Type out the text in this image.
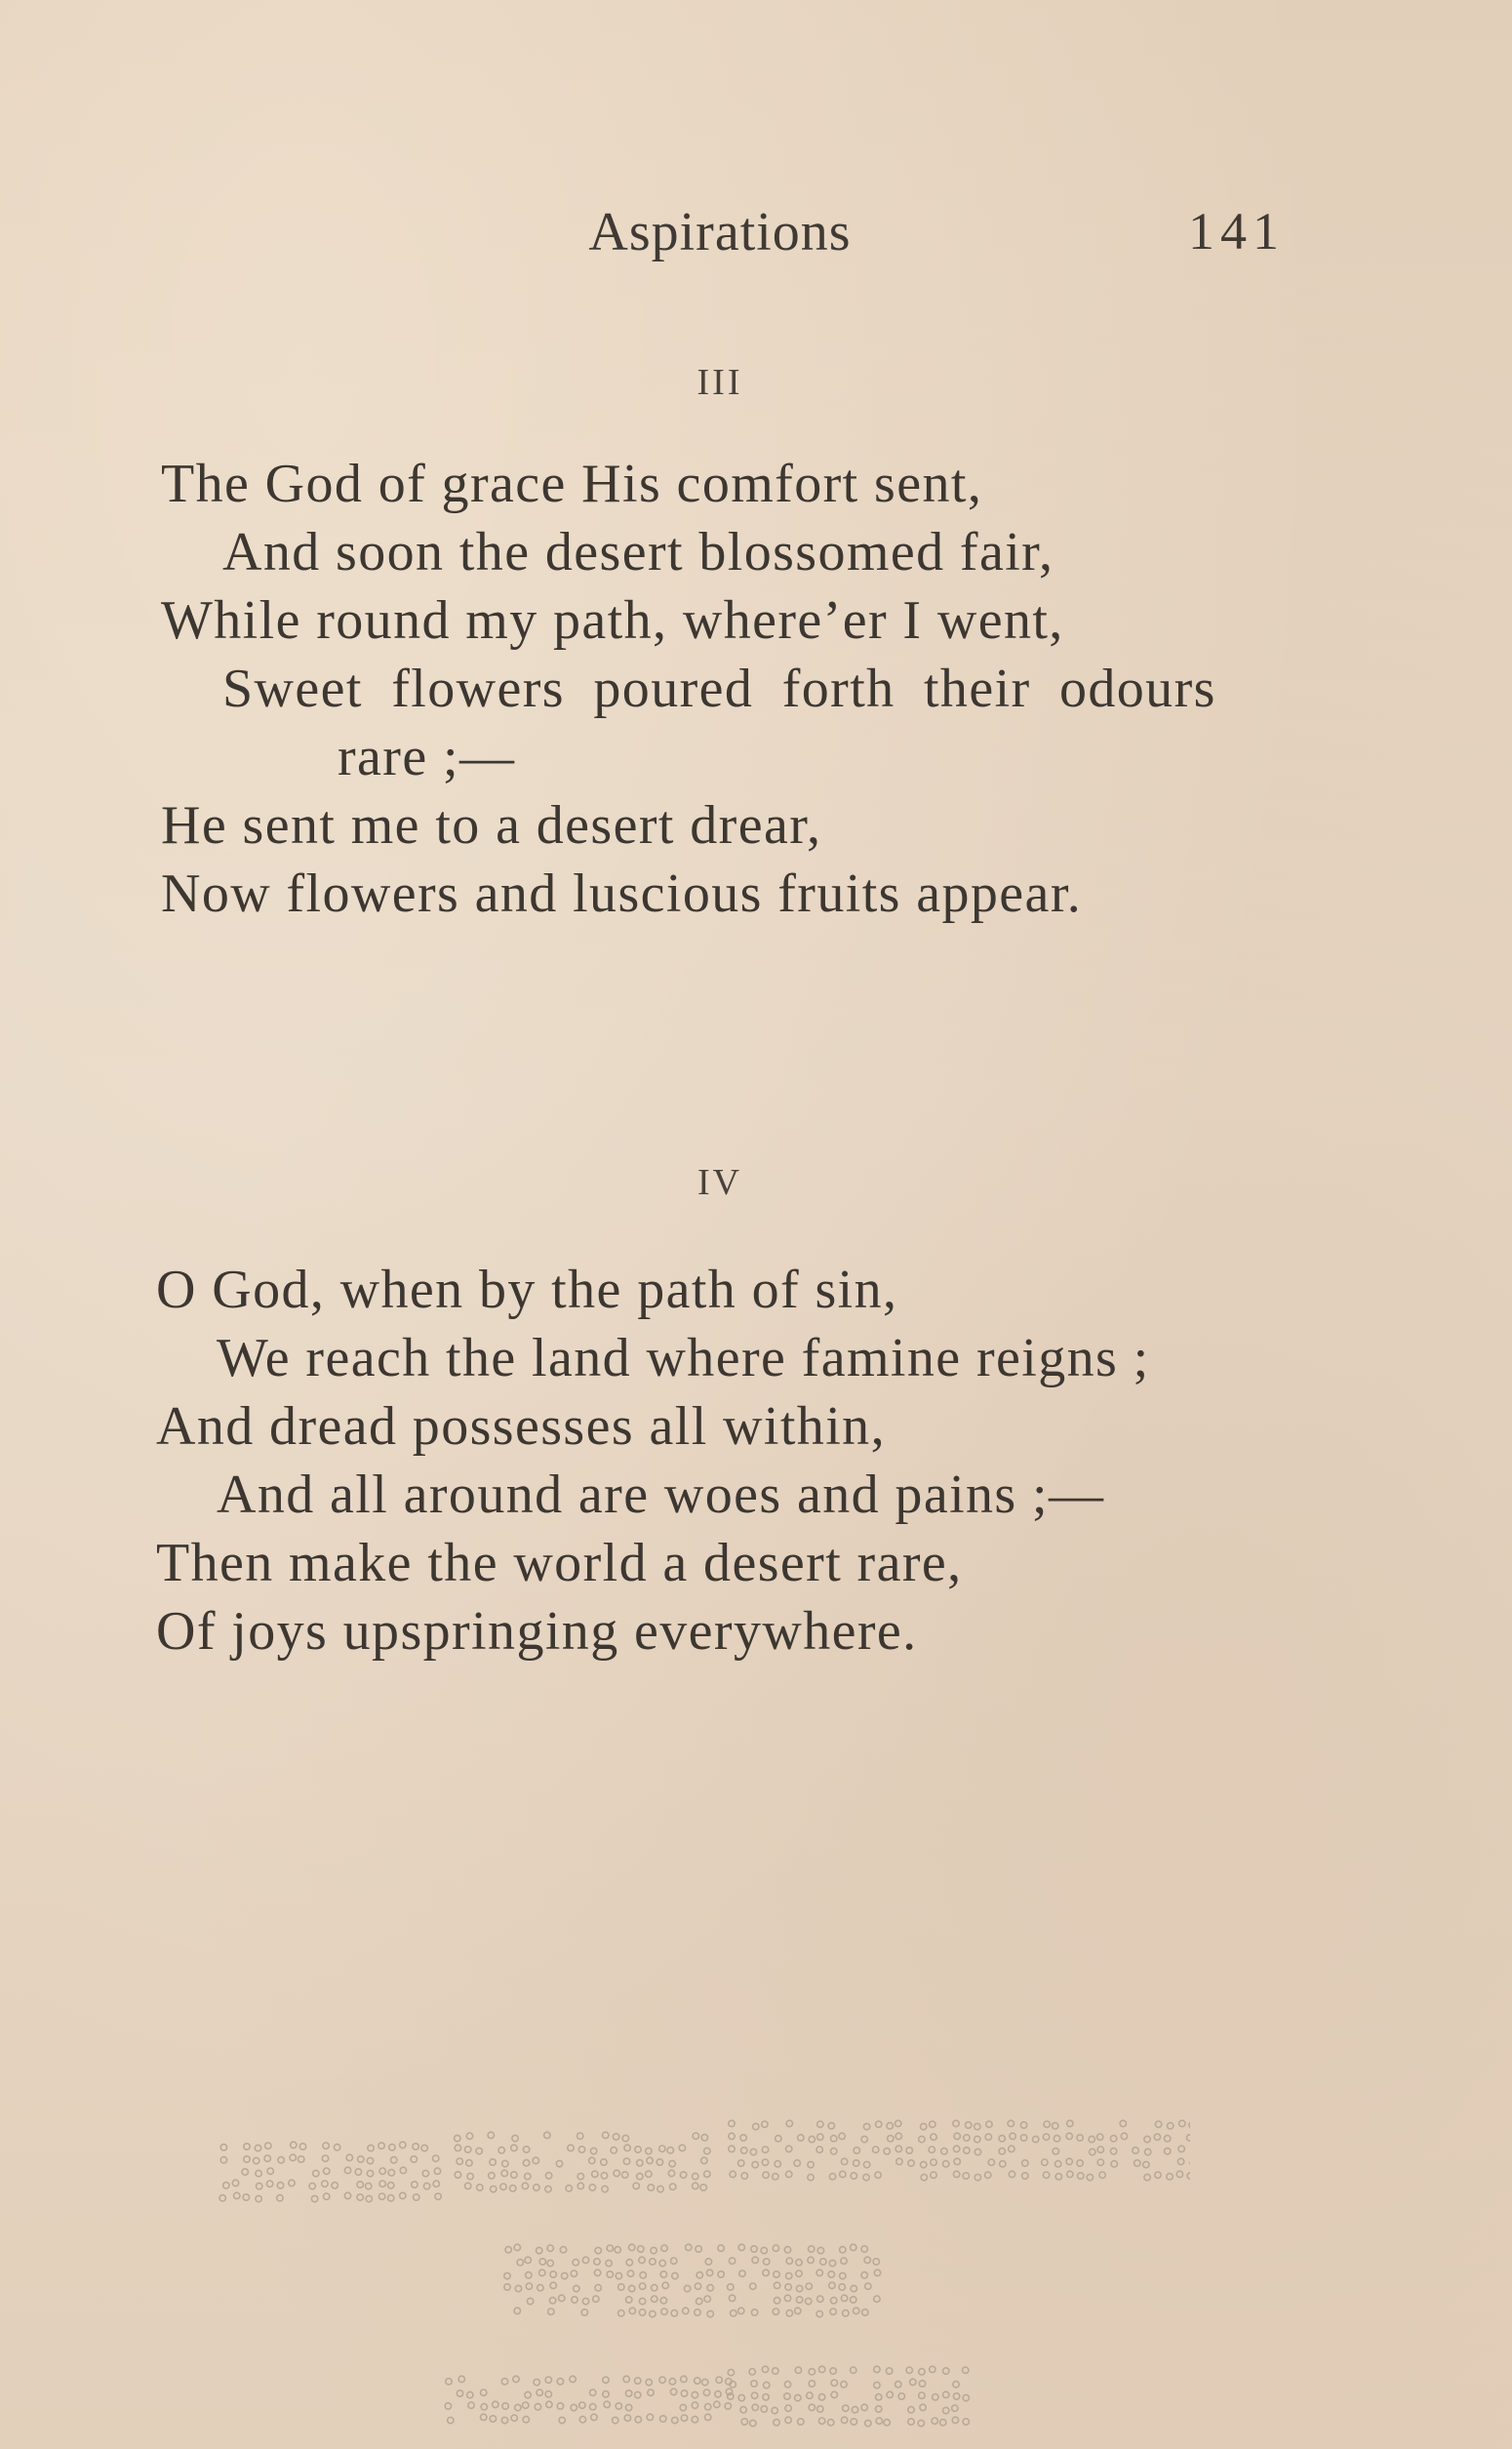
Aspirations	141
III
The God of grace His comfort sent,
And soon the desert blossomed fair,
While round my path, where’er I went,
Sweet flowers poured forth their odours
rare ;—
He sent me to a desert drear,
Now flowers and luscious fruits appear.
IV
O God, when by the path of sin,
We reach the land where famine reigns ;
And dread possesses all within,
And all around are woes and pains ;—
Then make the world a desert rare,
Of joys upspringing everywhere.
